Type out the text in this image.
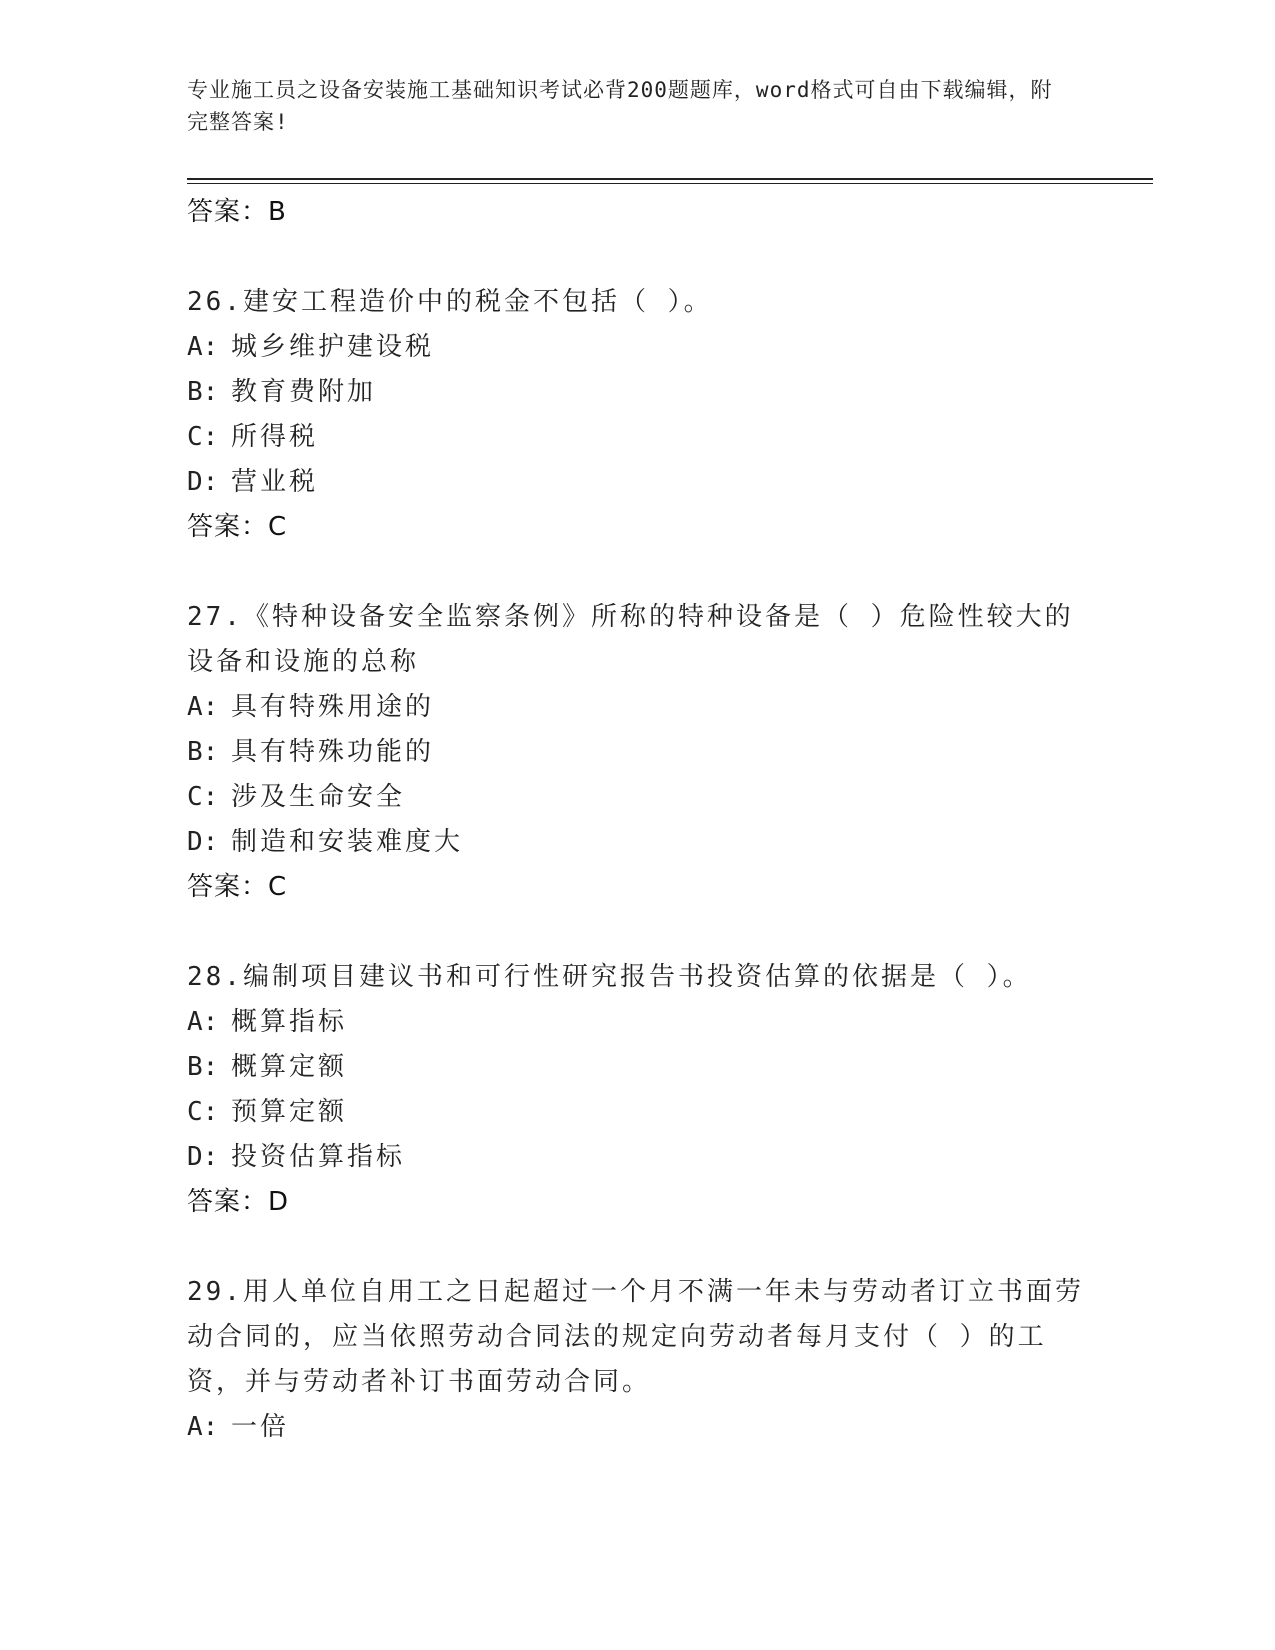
专业施工员之设备安装施工基础知识考试必背200题题库，word格式可自由下载编辑，附完整答案!
答案：B
26.建安工程造价中的税金不包括（ ）。
A: 城乡维护建设税
B: 教育费附加
C: 所得税
D: 营业税
答案：C
27.《特种设备安全监察条例》所称的特种设备是（ ）危险性较大的设备和设施的总称
A: 具有特殊用途的
B: 具有特殊功能的
C: 涉及生命安全
D: 制造和安装难度大
答案：C
28.编制项目建议书和可行性研究报告书投资估算的依据是（ ）。
A: 概算指标
B: 概算定额
C: 预算定额
D: 投资估算指标
答案：D
29.用人单位自用工之日起超过一个月不满一年未与劳动者订立书面劳动合同的，应当依照劳动合同法的规定向劳动者每月支付（ ）的工资，并与劳动者补订书面劳动合同。
A: 一倍
